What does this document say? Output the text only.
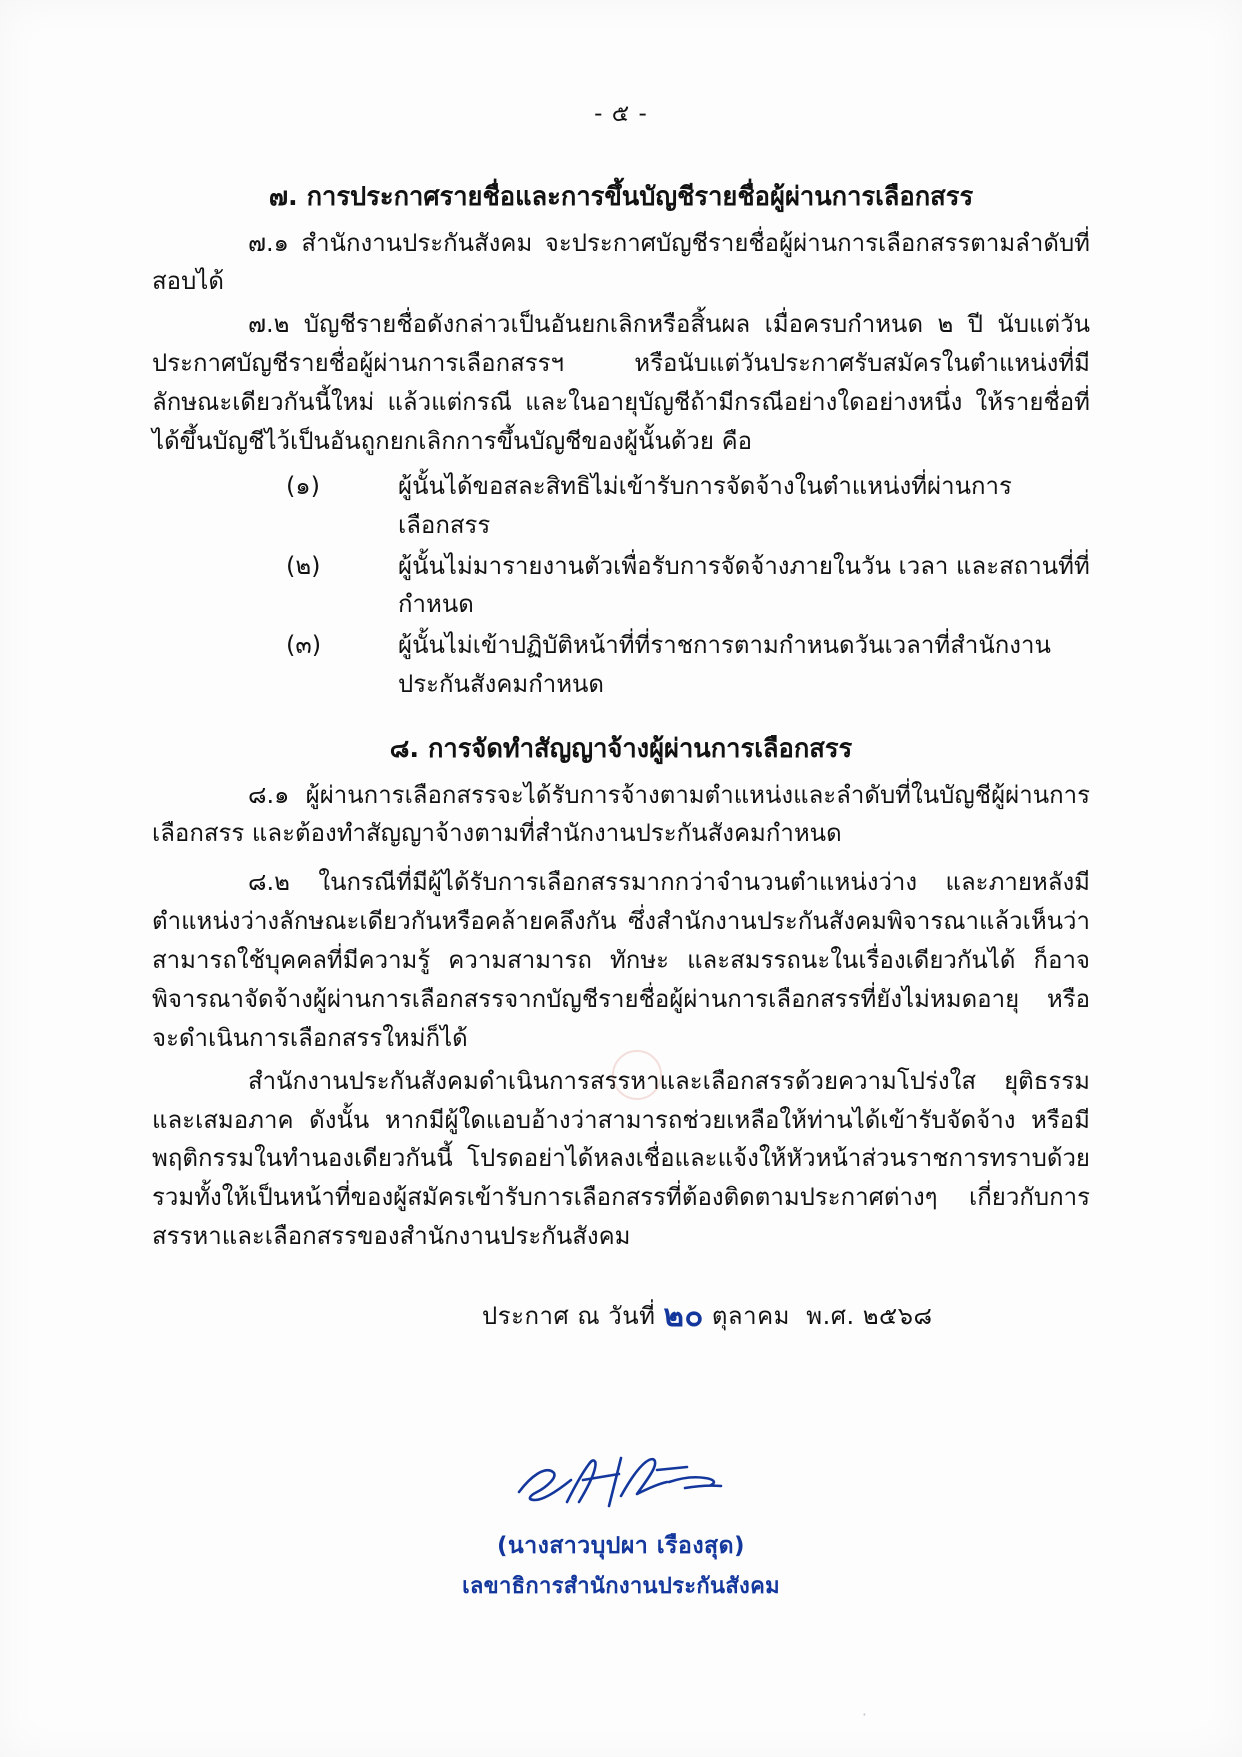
- ๕ -
๗. การประกาศรายชื่อและการขึ้นบัญชีรายชื่อผู้ผ่านการเลือกสรร

๗.๑ สำนักงานประกันสังคม จะประกาศบัญชีรายชื่อผู้ผ่านการเลือกสรรตามลำดับที่สอบได้

๗.๒ บัญชีรายชื่อดังกล่าวเป็นอันยกเลิกหรือสิ้นผล เมื่อครบกำหนด ๒ ปี นับแต่วันประกาศบัญชีรายชื่อผู้ผ่านการเลือกสรรฯ หรือนับแต่วันประกาศรับสมัครในตำแหน่งที่มีลักษณะเดียวกันนี้ใหม่ แล้วแต่กรณี และในอายุบัญชีถ้ามีกรณีอย่างใดอย่างหนึ่ง ให้รายชื่อที่ได้ขึ้นบัญชีไว้เป็นอันถูกยกเลิกการขึ้นบัญชีของผู้นั้นด้วย คือ

(๑)	ผู้นั้นได้ขอสละสิทธิไม่เข้ารับการจัดจ้างในตำแหน่งที่ผ่านการเลือกสรร
(๒)	ผู้นั้นไม่มารายงานตัวเพื่อรับการจัดจ้างภายในวัน เวลา และสถานที่ที่กำหนด
(๓)	ผู้นั้นไม่เข้าปฏิบัติหน้าที่ที่ราชการตามกำหนดวันเวลาที่สำนักงานประกันสังคมกำหนด
๘. การจัดทำสัญญาจ้างผู้ผ่านการเลือกสรร

๘.๑ ผู้ผ่านการเลือกสรรจะได้รับการจ้างตามตำแหน่งและลำดับที่ในบัญชีผู้ผ่านการเลือกสรร และต้องทำสัญญาจ้างตามที่สำนักงานประกันสังคมกำหนด

๘.๒ ในกรณีที่มีผู้ได้รับการเลือกสรรมากกว่าจำนวนตำแหน่งว่าง และภายหลังมีตำแหน่งว่างลักษณะเดียวกันหรือคล้ายคลึงกัน ซึ่งสำนักงานประกันสังคมพิจารณาแล้วเห็นว่าสามารถใช้บุคคลที่มีความรู้ ความสามารถ ทักษะ และสมรรถนะในเรื่องเดียวกันได้ ก็อาจพิจารณาจัดจ้างผู้ผ่านการเลือกสรรจากบัญชีรายชื่อผู้ผ่านการเลือกสรรที่ยังไม่หมดอายุ หรือจะดำเนินการเลือกสรรใหม่ก็ได้

สำนักงานประกันสังคมดำเนินการสรรหาและเลือกสรรด้วยความโปร่งใส ยุติธรรมและเสมอภาค ดังนั้น หากมีผู้ใดแอบอ้างว่าสามารถช่วยเหลือให้ท่านได้เข้ารับจัดจ้าง หรือมีพฤติกรรมในทำนองเดียวกันนี้ โปรดอย่าได้หลงเชื่อและแจ้งให้หัวหน้าส่วนราชการทราบด้วย รวมทั้งให้เป็นหน้าที่ของผู้สมัครเข้ารับการเลือกสรรที่ต้องติดตามประกาศต่างๆ เกี่ยวกับการสรรหาและเลือกสรรของสำนักงานประกันสังคม

ประกาศ ณ วันที่ ๒๐ ตุลาคม พ.ศ. ๒๕๖๘
(นางสาวบุปผา เรืองสุด)
เลขาธิการสำนักงานประกันสังคม
·
